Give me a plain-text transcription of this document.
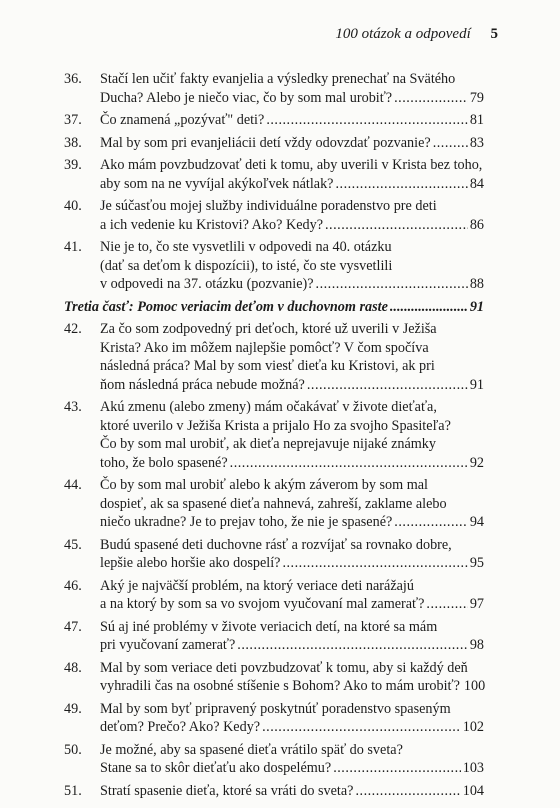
100 otázok a odpovedí 5
36.	Stačí len učiť fakty evanjelia a výsledky prenechať na Svätého
Ducha? Alebo je niečo viac, čo by som mal urobiť? .....	79
37.	Čo znamená „pozývať" deti? .....	81
38.	Mal by som pri evanjeliácii detí vždy odovzdať pozvanie? .....	83
39.	Ako mám povzbudzovať deti k tomu, aby uverili v Krista bez toho,
aby som na ne vyvíjal akýkoľvek nátlak? .....	84
40.	Je súčasťou mojej služby individuálne poradenstvo pre deti
a ich vedenie ku Kristovi? Ako? Kedy? .....	86
41.	Nie je to, čo ste vysvetlili v odpovedi na 40. otázku
(dať sa deťom k dispozícii), to isté, čo ste vysvetlili
v odpovedi na 37. otázku (pozvanie)? .....	88
Tretia časť: Pomoc veriacim deťom v duchovnom raste .....	91
42.	Za čo som zodpovedný pri deťoch, ktoré už uverili v Ježiša
Krista? Ako im môžem najlepšie pomôcť? V čom spočíva
následná práca? Mal by som viesť dieťa ku Kristovi, ak pri
ňom následná práca nebude možná? .....	91
43.	Akú zmenu (alebo zmeny) mám očakávať v živote dieťaťa,
ktoré uverilo v Ježiša Krista a prijalo Ho za svojho Spasiteľa?
Čo by som mal urobiť, ak dieťa neprejavuje nijaké známky
toho, že bolo spasené? .....	92
44.	Čo by som mal urobiť alebo k akým záverom by som mal
dospieť, ak sa spasené dieťa nahnevá, zahreší, zaklame alebo
niečo ukradne? Je to prejav toho, že nie je spasené? .....	94
45.	Budú spasené deti duchovne rásť a rozvíjať sa rovnako dobre,
lepšie alebo horšie ako dospelí? .....	95
46.	Aký je najväčší problém, na ktorý veriace deti narážajú
a na ktorý by som sa vo svojom vyučovaní mal zamerať? .....	97
47.	Sú aj iné problémy v živote veriacich detí, na ktoré sa mám
pri vyučovaní zamerať? .....	98
48.	Mal by som veriace deti povzbudzovať k tomu, aby si každý deň
vyhradili čas na osobné stíšenie s Bohom? Ako to mám urobiť? 100
49.	Mal by som byť pripravený poskytnúť poradenstvo spaseným
deťom? Prečo? Ako? Kedy? .....	102
50.	Je možné, aby sa spasené dieťa vrátilo späť do sveta?
Stane sa to skôr dieťaťu ako dospelému? .....	103
51.	Stratí spasenie dieťa, ktoré sa vráti do sveta? .....	104
